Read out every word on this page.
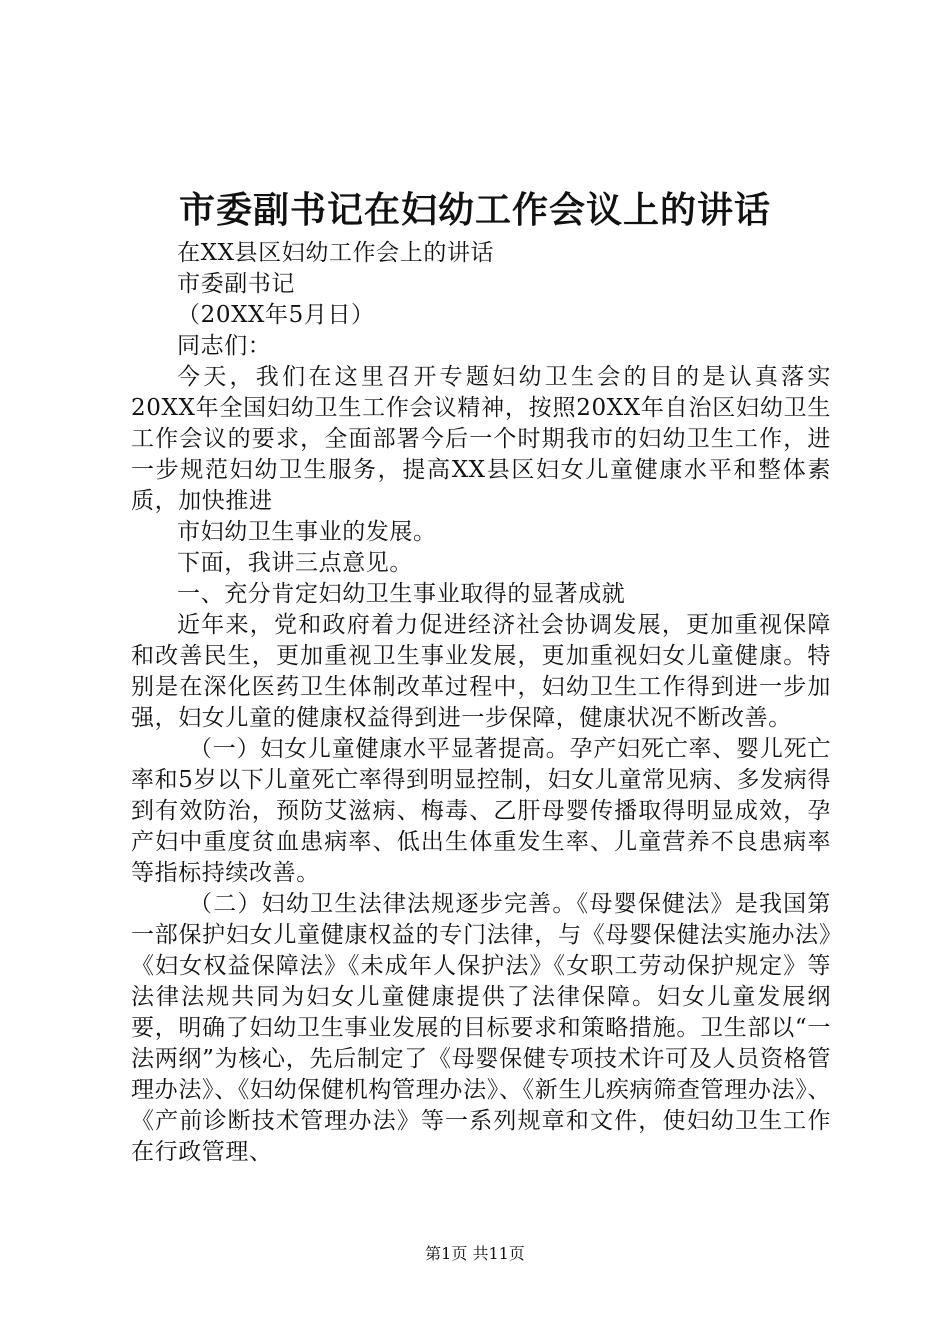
市委副书记在妇幼工作会议上的讲话

在XX县区妇幼工作会上的讲话

市委副书记

（20XX年5月日）

同志们：

今天，我们在这里召开专题妇幼卫生会的目的是认真落实20XX年全国妇幼卫生工作会议精神，按照20XX年自治区妇幼卫生工作会议的要求，全面部署今后一个时期我市的妇幼卫生工作，进一步规范妇幼卫生服务，提高XX县区妇女儿童健康水平和整体素质，加快推进

市妇幼卫生事业的发展。

下面，我讲三点意见。

一、充分肯定妇幼卫生事业取得的显著成就

近年来，党和政府着力促进经济社会协调发展，更加重视保障和改善民生，更加重视卫生事业发展，更加重视妇女儿童健康。特别是在深化医药卫生体制改革过程中，妇幼卫生工作得到进一步加强，妇女儿童的健康权益得到进一步保障，健康状况不断改善。

（一）妇女儿童健康水平显著提高。孕产妇死亡率、婴儿死亡率和5岁以下儿童死亡率得到明显控制，妇女儿童常见病、多发病得到有效防治，预防艾滋病、梅毒、乙肝母婴传播取得明显成效，孕产妇中重度贫血患病率、低出生体重发生率、儿童营养不良患病率等指标持续改善。

（二）妇幼卫生法律法规逐步完善。《母婴保健法》是我国第一部保护妇女儿童健康权益的专门法律，与《母婴保健法实施办法》《妇女权益保障法》《未成年人保护法》《女职工劳动保护规定》等法律法规共同为妇女儿童健康提供了法律保障。妇女儿童发展纲要，明确了妇幼卫生事业发展的目标要求和策略措施。卫生部以“一法两纲”为核心，先后制定了《母婴保健专项技术许可及人员资格管理办法》、《妇幼保健机构管理办法》、《新生儿疾病筛查管理办法》、《产前诊断技术管理办法》等一系列规章和文件，使妇幼卫生工作在行政管理、

第1页 共11页
